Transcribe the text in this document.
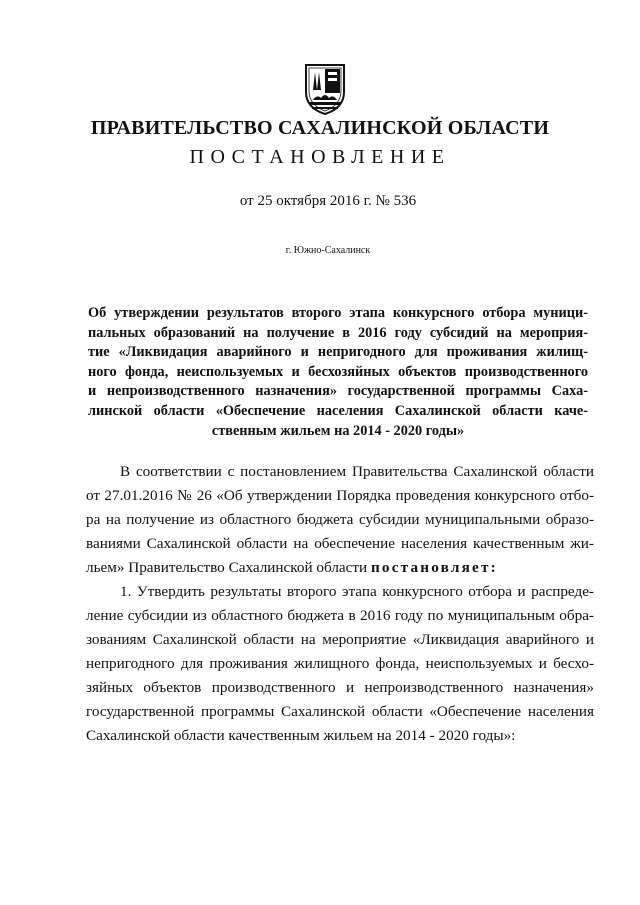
ПРАВИТЕЛЬСТВО САХАЛИНСКОЙ ОБЛАСТИ
ПОСТАНОВЛЕНИЕ
от 25 октября 2016 г. № 536
г. Южно-Сахалинск
Об утверждении результатов второго этапа конкурсного отбора муници-
пальных образований на получение в 2016 году субсидий на мероприя-
тие «Ликвидация аварийного и непригодного для проживания жилищ-
ного фонда, неиспользуемых и бесхозяйных объектов производственного
и непроизводственного назначения» государственной программы Саха-
линской области «Обеспечение населения Сахалинской области каче-
ственным жильем на 2014 - 2020 годы»
В соответствии с постановлением Правительства Сахалинской области
от 27.01.2016 № 26 «Об утверждении Порядка проведения конкурсного отбо-
ра на получение из областного бюджета субсидии муниципальными образо-
ваниями Сахалинской области на обеспечение населения качественным жи-
льем» Правительство Сахалинской области постановляет:
1. Утвердить результаты второго этапа конкурсного отбора и распреде-
ление субсидии из областного бюджета в 2016 году по муниципальным обра-
зованиям Сахалинской области на мероприятие «Ликвидация аварийного и
непригодного для проживания жилищного фонда, неиспользуемых и бесхо-
зяйных объектов производственного и непроизводственного назначения»
государственной программы Сахалинской области «Обеспечение населения
Сахалинской области качественным жильем на 2014 - 2020 годы»:
